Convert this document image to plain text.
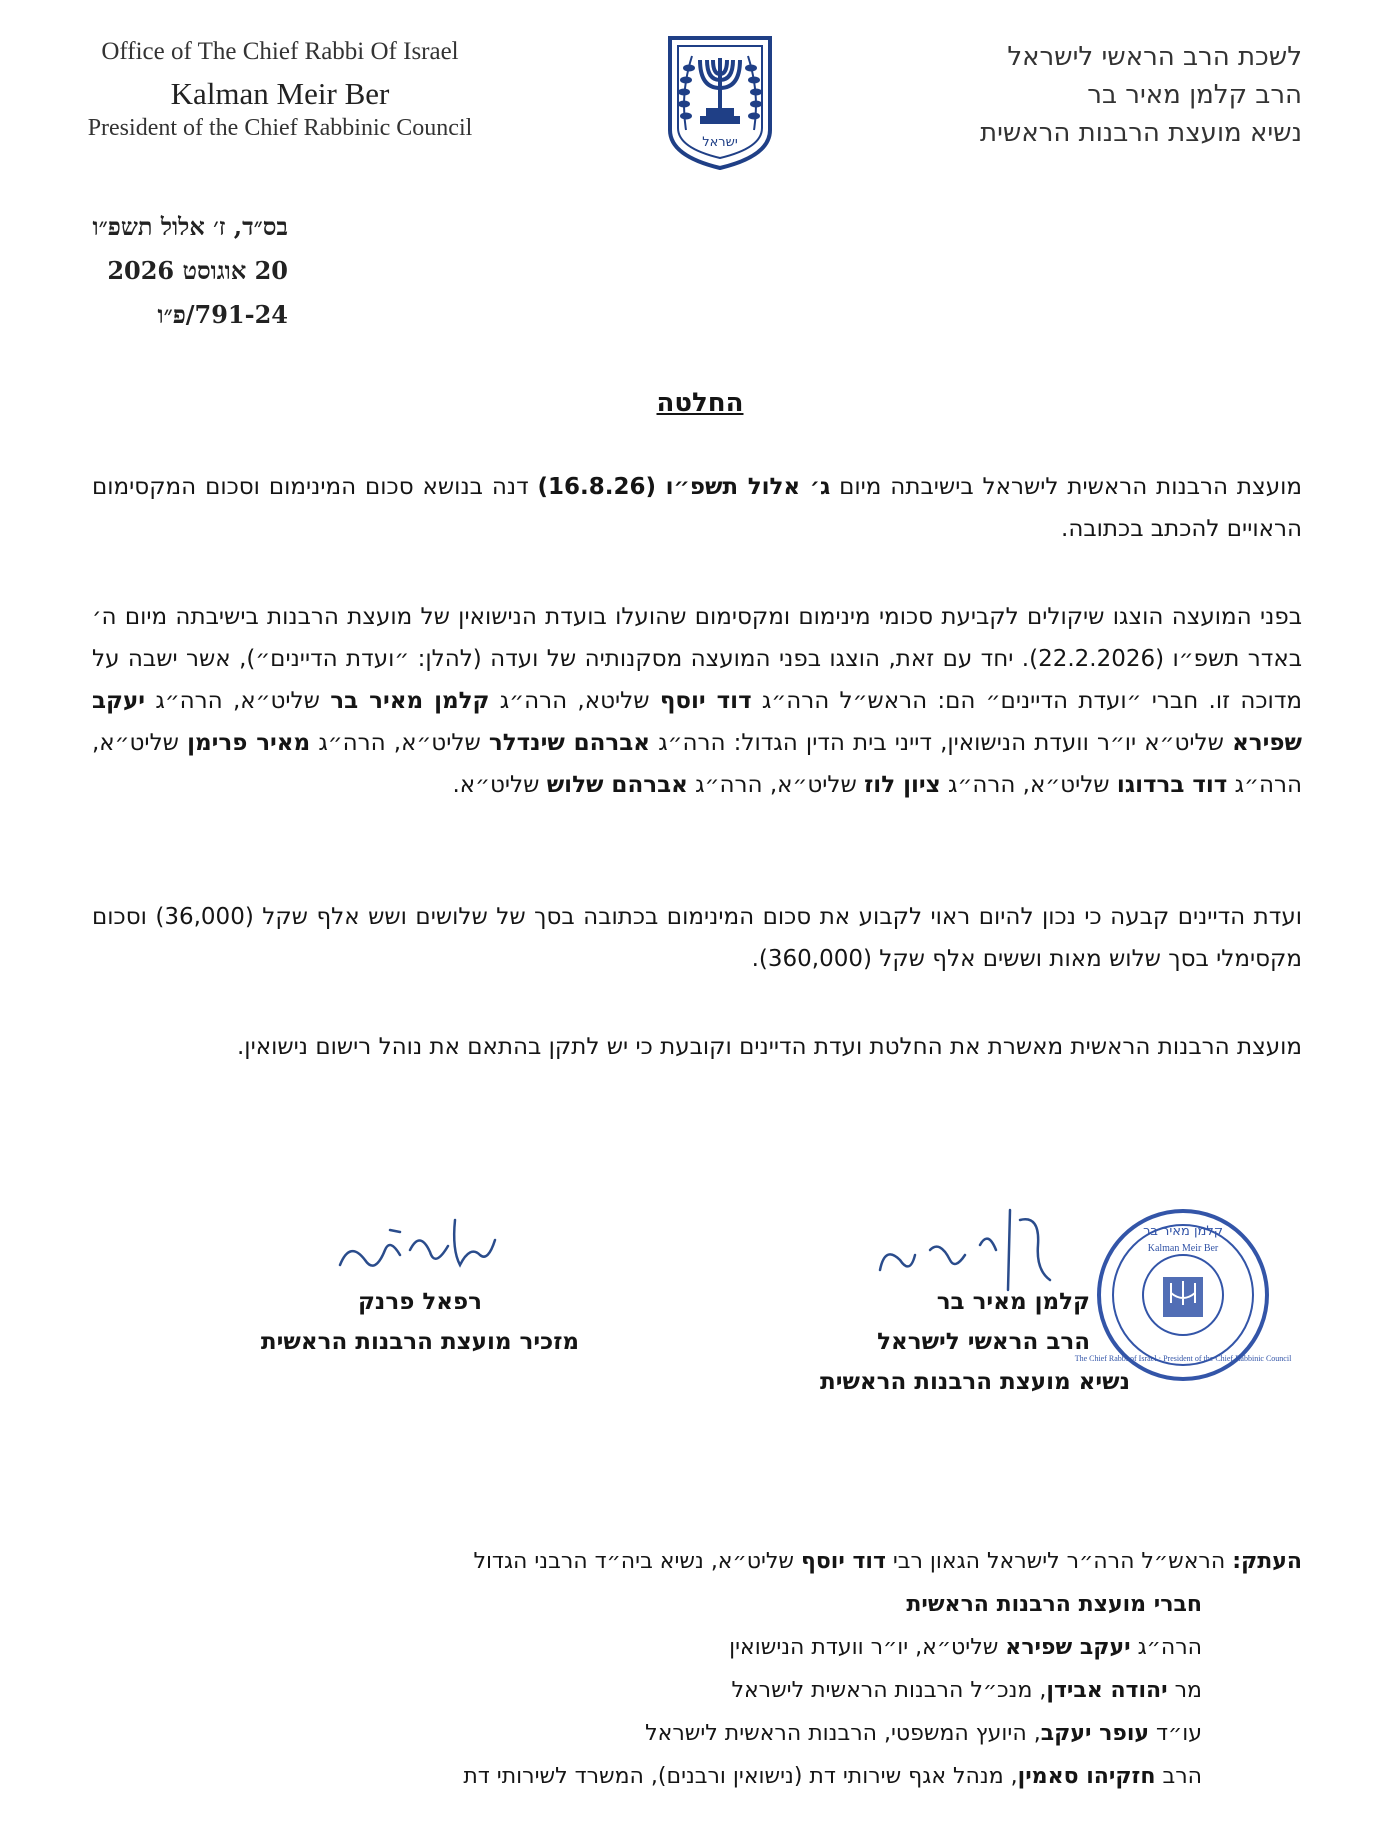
Office of The Chief Rabbi Of Israel
Kalman Meir Ber
President of the Chief Rabbinic Council
ישראל
לשכת הרב הראשי לישראל
הרב קלמן מאיר בר
נשיא מועצת הרבנות הראשית
בס״ד, ז׳ אלול תשפ״ו
20 אוגוסט 2026
791-24/פ״ו
החלטה
מועצת הרבנות הראשית לישראל בישיבתה מיום ג׳ אלול תשפ״ו (16.8.26) דנה בנושא סכום המינימום וסכום המקסימום הראויים להכתב בכתובה.
בפני המועצה הוצגו שיקולים לקביעת סכומי מינימום ומקסימום שהועלו בועדת הנישואין של מועצת הרבנות בישיבתה מיום ה׳ באדר תשפ״ו (22.2.2026). יחד עם זאת, הוצגו בפני המועצה מסקנותיה של ועדה (להלן: ״ועדת הדיינים״), אשר ישבה על מדוכה זו. חברי ״ועדת הדיינים״ הם: הראש״ל הרה״ג דוד יוסף שליטא, הרה״ג קלמן מאיר בר שליט״א, הרה״ג יעקב שפירא שליט״א יו״ר וועדת הנישואין, דייני בית הדין הגדול: הרה״ג אברהם שינדלר שליט״א, הרה״ג מאיר פרימן שליט״א, הרה״ג דוד ברדוגו שליט״א, הרה״ג ציון לוז שליט״א, הרה״ג אברהם שלוש שליט״א.
ועדת הדיינים קבעה כי נכון להיום ראוי לקבוע את סכום המינימום בכתובה בסך של שלושים ושש אלף שקל (36,000) וסכום מקסימלי בסך שלוש מאות וששים אלף שקל (360,000).
מועצת הרבנות הראשית מאשרת את החלטת ועדת הדיינים וקובעת כי יש לתקן בהתאם את נוהל רישום נישואין.
רפאל פרנק
מזכיר מועצת הרבנות הראשית
קלמן מאיר בר
Kalman Meir Ber
The Chief Rabbi of Israel · President of the Chief Rabbinic Council
קלמן מאיר בר
הרב הראשי לישראל
נשיא מועצת הרבנות הראשית
העתק: הראש״ל הרה״ר לישראל הגאון רבי דוד יוסף שליט״א, נשיא ביה״ד הרבני הגדול
חברי מועצת הרבנות הראשית
הרה״ג יעקב שפירא שליט״א, יו״ר וועדת הנישואין
מר יהודה אבידן, מנכ״ל הרבנות הראשית לישראל
עו״ד עופר יעקב, היועץ המשפטי, הרבנות הראשית לישראל
הרב חזקיהו סאמין, מנהל אגף שירותי דת (נישואין ורבנים), המשרד לשירותי דת
